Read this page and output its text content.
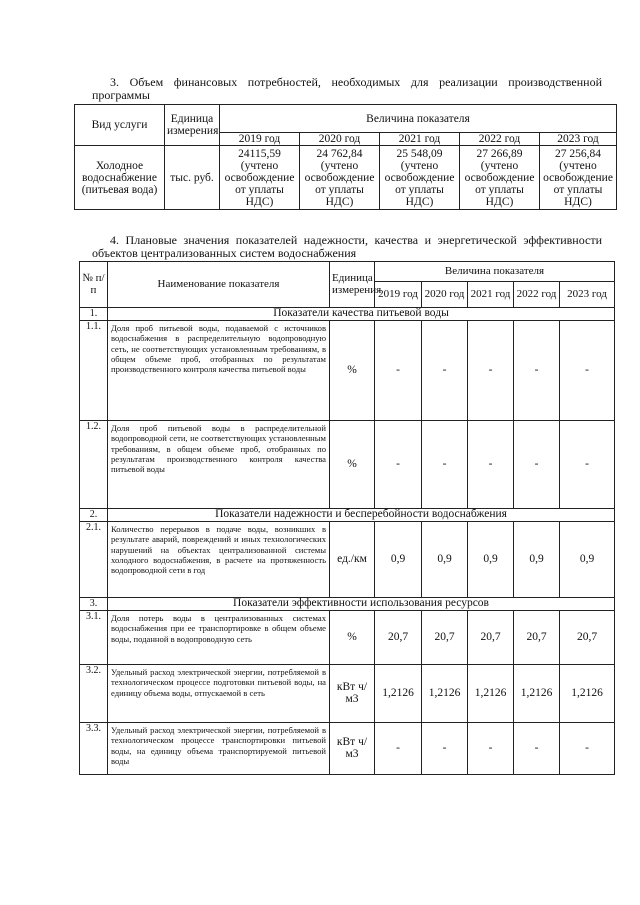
3. Объем финансовых потребностей, необходимых для реализации производственной программы
Вид услуги	Единица измерения	Величина показателя				
		2019 год	2020 год	2021 год	2022 год	2023 год
Холодное водоснабжение (питьевая вода)	тыс. руб.	24115,59 (учтено освобождение от уплаты НДС)	24 762,84 (учтено освобождение от уплаты НДС)	25 548,09 (учтено освобождение от уплаты НДС)	27 266,89 (учтено освобождение от уплаты НДС)	27 256,84 (учтено освобождение от уплаты НДС)
4. Плановые значения показателей надежности, качества и энергетической эффективности объектов централизованных систем водоснабжения
№ п/п	Наименование показателя	Единица измерения	Величина показателя				
			2019 год	2020 год	2021 год	2022 год	2023 год
1.	Показатели качества питьевой воды						
1.1.	Доля проб питьевой воды, подаваемой с источников водоснабжения в распределительную водопроводную сеть, не соответствующих установленным требованиям, в общем объеме проб, отобранных по результатам производственного контроля качества питьевой воды	%	-	-	-	-	-
1.2.	Доля проб питьевой воды в распределительной водопроводной сети, не соответствующих установленным требованиям, в общем объеме проб, отобранных по результатам производственного контроля качества питьевой воды	%	-	-	-	-	-
2.	Показатели надежности и бесперебойности водоснабжения						
2.1.	Количество перерывов в подаче воды, возникших в результате аварий, повреждений и иных технологических нарушений на объектах централизованной системы холодного водоснабжения, в расчете на протяженность водопроводной сети в год	ед./км	0,9	0,9	0,9	0,9	0,9
3.	Показатели эффективности использования ресурсов						
3.1.	Доля потерь воды в централизованных системах водоснабжения при ее транспортировке в общем объеме воды, поданной в водопроводную сеть	%	20,7	20,7	20,7	20,7	20,7
3.2.	Удельный расход электрической энергии, потребляемой в технологическом процессе подготовки питьевой воды, на единицу объема воды, отпускаемой в сеть	кВт ч/м3	1,2126	1,2126	1,2126	1,2126	1,2126
3.3.	Удельный расход электрической энергии, потребляемой в технологическом процессе транспортировки питьевой воды, на единицу объема транспортируемой питьевой воды	кВт ч/м3	-	-	-	-	-
